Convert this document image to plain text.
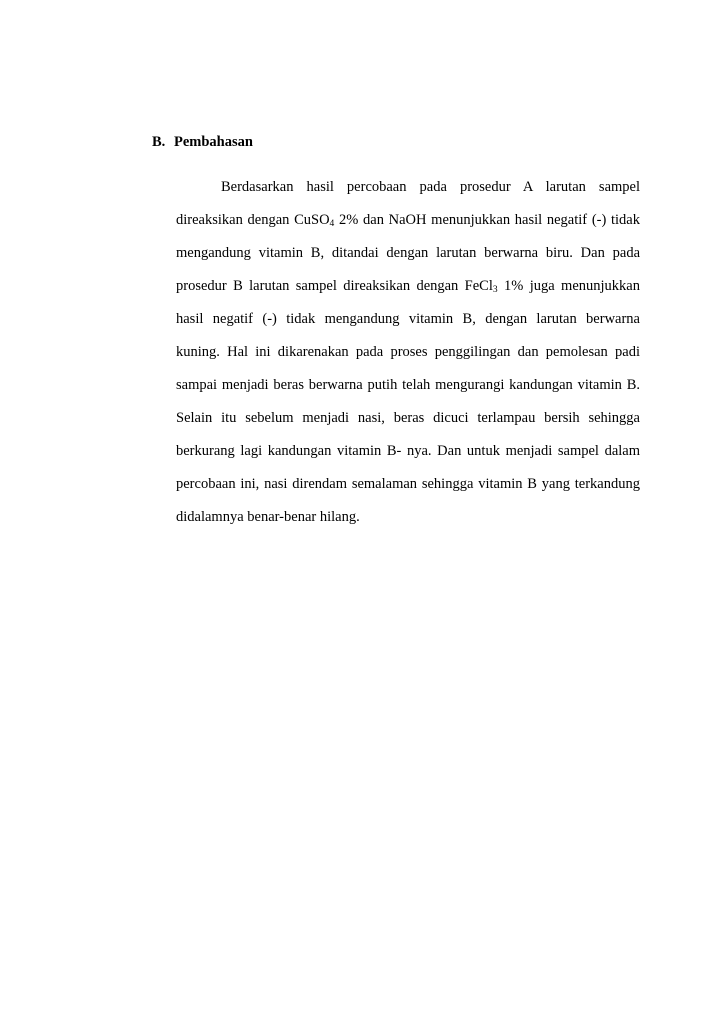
B. Pembahasan
Berdasarkan hasil percobaan pada prosedur A larutan sampel
direaksikan dengan CuSO$_4$ 2% dan NaOH menunjukkan hasil negatif (-) tidak
mengandung vitamin B, ditandai dengan larutan berwarna biru. Dan pada
prosedur B larutan sampel direaksikan dengan FeCl$_3$ 1% juga menunjukkan
hasil negatif (-) tidak mengandung vitamin B, dengan larutan berwarna
kuning. Hal ini dikarenakan pada proses penggilingan dan pemolesan padi
sampai menjadi beras berwarna putih telah mengurangi kandungan vitamin B.
Selain itu sebelum menjadi nasi, beras dicuci terlampau bersih sehingga
berkurang lagi kandungan vitamin B- nya. Dan untuk menjadi sampel dalam
percobaan ini, nasi direndam semalaman sehingga vitamin B yang terkandung
didalamnya benar-benar hilang.
